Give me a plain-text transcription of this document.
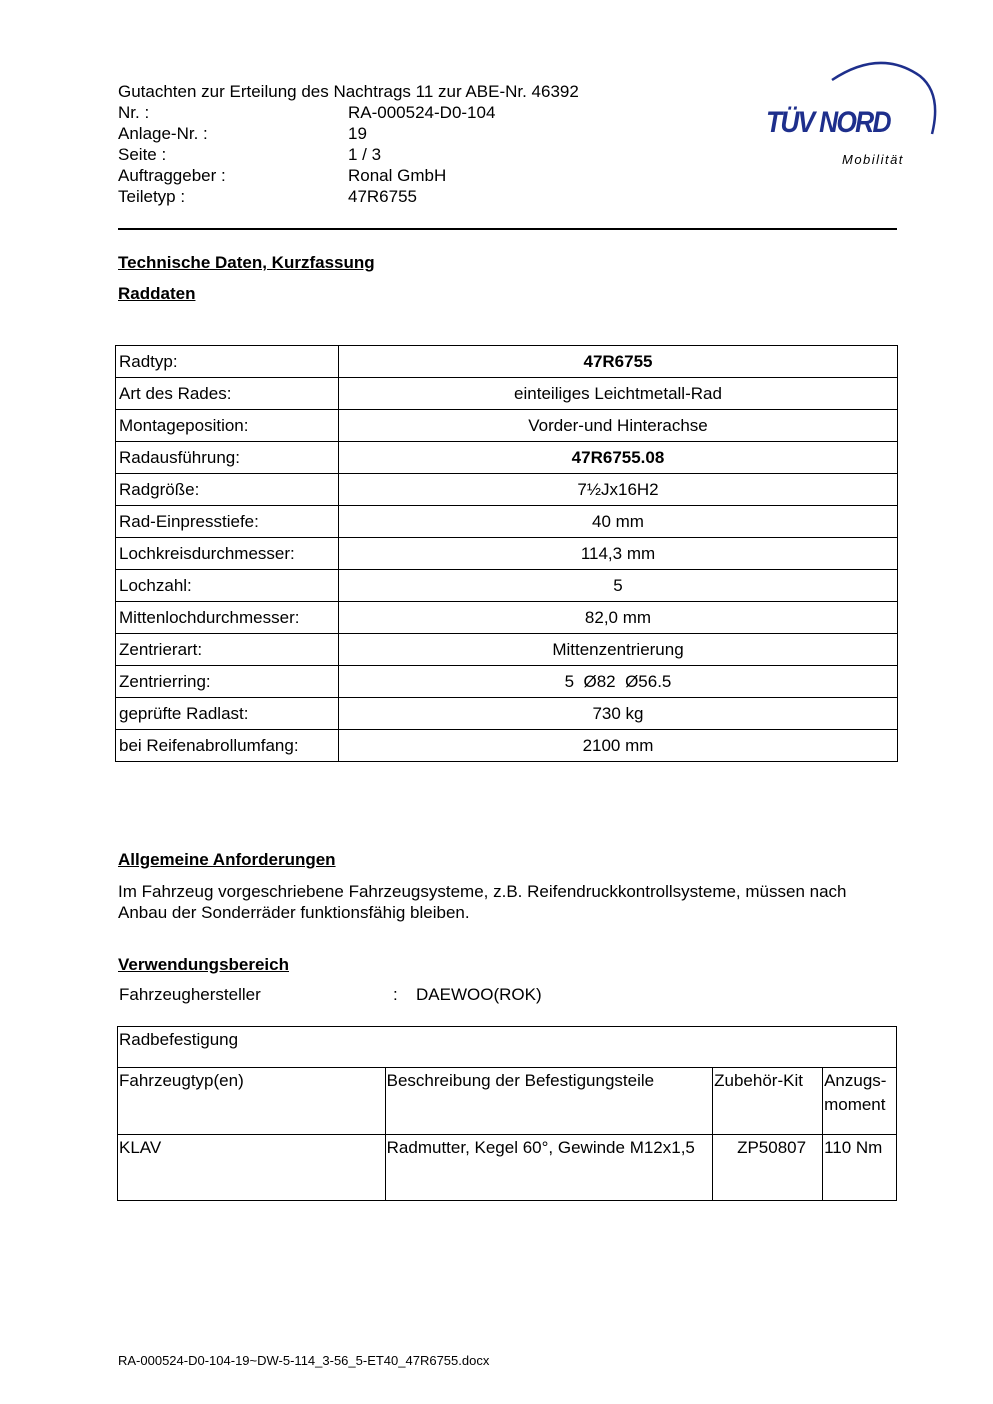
Gutachten zur Erteilung des Nachtrags 11 zur ABE-Nr. 46392
Nr. :	RA-000524-D0-104
Anlage-Nr. :	19
Seite :	1 / 3
Auftraggeber :	Ronal GmbH
Teiletyp :	47R6755
TÜV NORD
Mobilität
Technische Daten, Kurzfassung
Raddaten
Radtyp:	47R6755
Art des Rades:	einteiliges Leichtmetall-Rad
Montageposition:	Vorder-und Hinterachse
Radausführung:	47R6755.08
Radgröße:	7½Jx16H2
Rad-Einpresstiefe:	40 mm
Lochkreisdurchmesser:	114,3 mm
Lochzahl:	5
Mittenlochdurchmesser:	82,0 mm
Zentrierart:	Mittenzentrierung
Zentrierring:	5  Ø82  Ø56.5
geprüfte Radlast:	730 kg
bei Reifenabrollumfang:	2100 mm
Allgemeine Anforderungen
Im Fahrzeug vorgeschriebene Fahrzeugsysteme, z.B. Reifendruckkontrollsysteme, müssen nach Anbau der Sonderräder funktionsfähig bleiben.
Verwendungsbereich
Fahrzeughersteller	: DAEWOO(ROK)
Radbefestigung			
Fahrzeugtyp(en)	Beschreibung der Befestigungsteile	Zubehör-Kit	Anzugs-moment
KLAV	Radmutter, Kegel 60°, Gewinde M12x1,5	ZP50807	110 Nm
RA-000524-D0-104-19~DW-5-114_3-56_5-ET40_47R6755.docx
